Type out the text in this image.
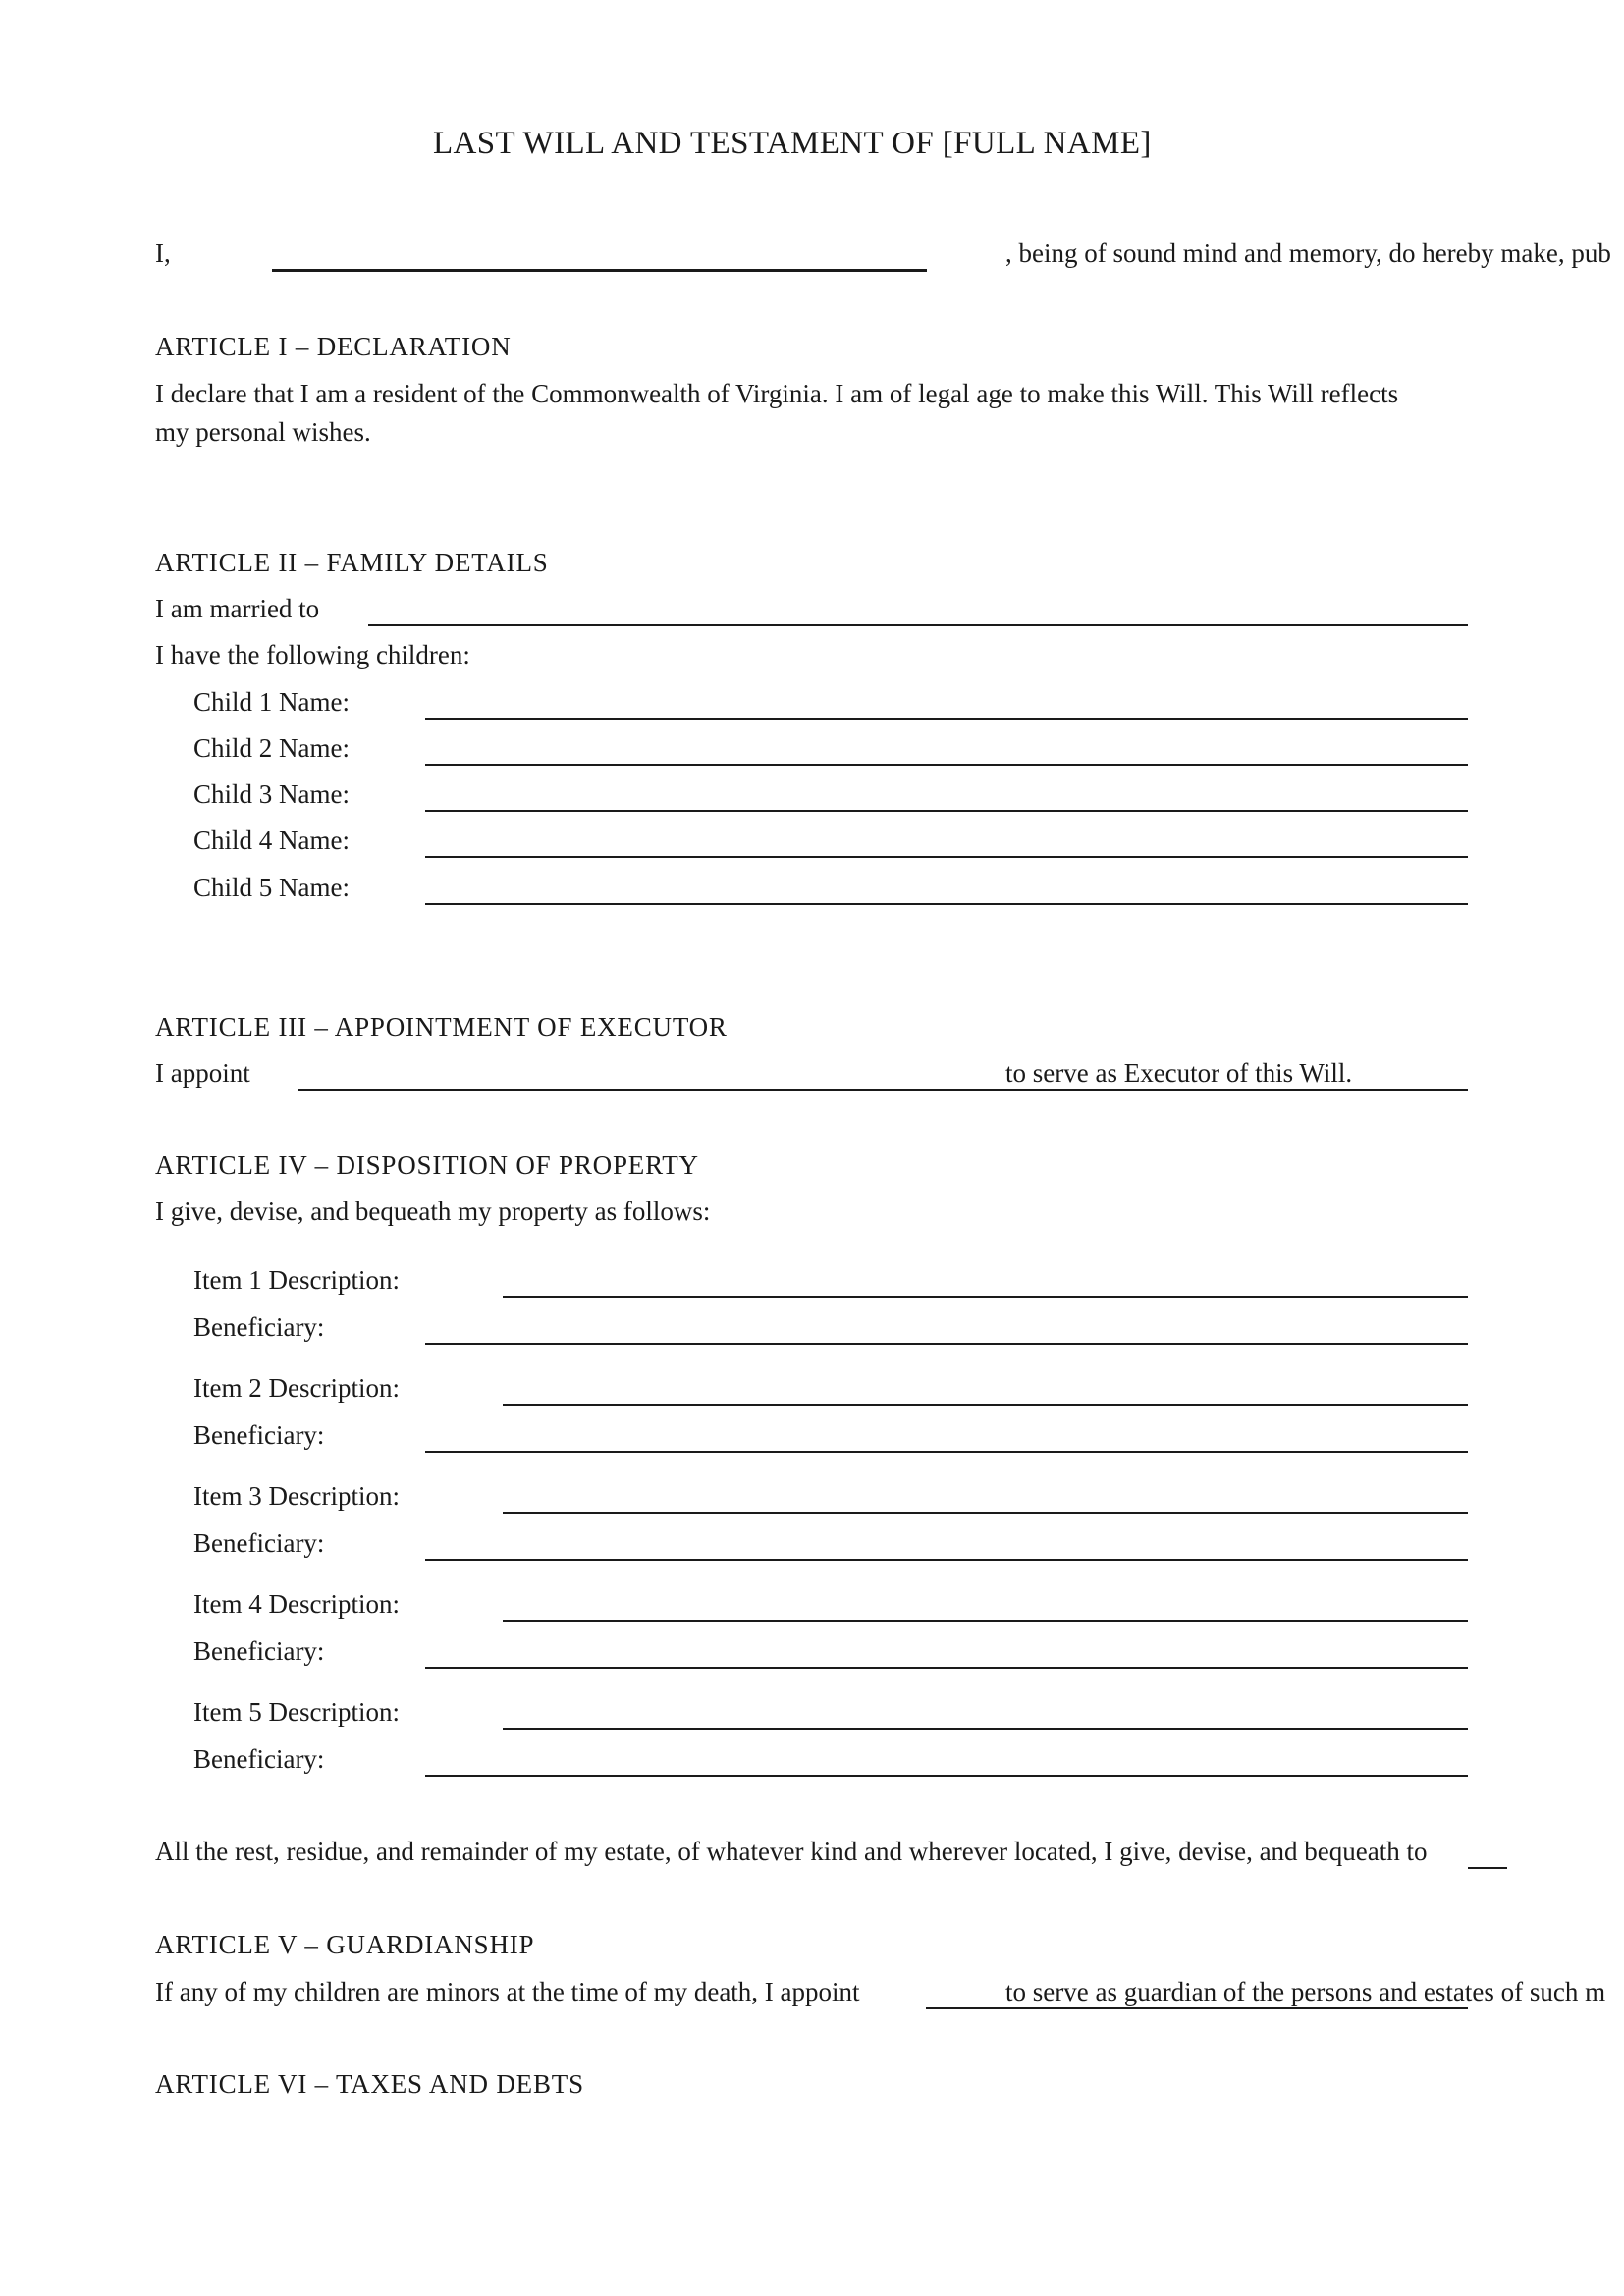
LAST WILL AND TESTAMENT OF [FULL NAME]
I,	, being of sound mind and memory, do hereby make, pub
ARTICLE I – DECLARATION
I declare that I am a resident of the Commonwealth of Virginia. I am of legal age to make this Will. This Will reflects
my personal wishes.
ARTICLE II – FAMILY DETAILS
I am married to
I have the following children:
Child 1 Name:
Child 2 Name:
Child 3 Name:
Child 4 Name:
Child 5 Name:
ARTICLE III – APPOINTMENT OF EXECUTOR
I appoint	to serve as Executor of this Will.
ARTICLE IV – DISPOSITION OF PROPERTY
I give, devise, and bequeath my property as follows:
Item 1 Description:
Beneficiary:
Item 2 Description:
Beneficiary:
Item 3 Description:
Beneficiary:
Item 4 Description:
Beneficiary:
Item 5 Description:
Beneficiary:
All the rest, residue, and remainder of my estate, of whatever kind and wherever located, I give, devise, and bequeath to
ARTICLE V – GUARDIANSHIP
If any of my children are minors at the time of my death, I appoint	to serve as guardian of the persons and estates of such m
ARTICLE VI – TAXES AND DEBTS
